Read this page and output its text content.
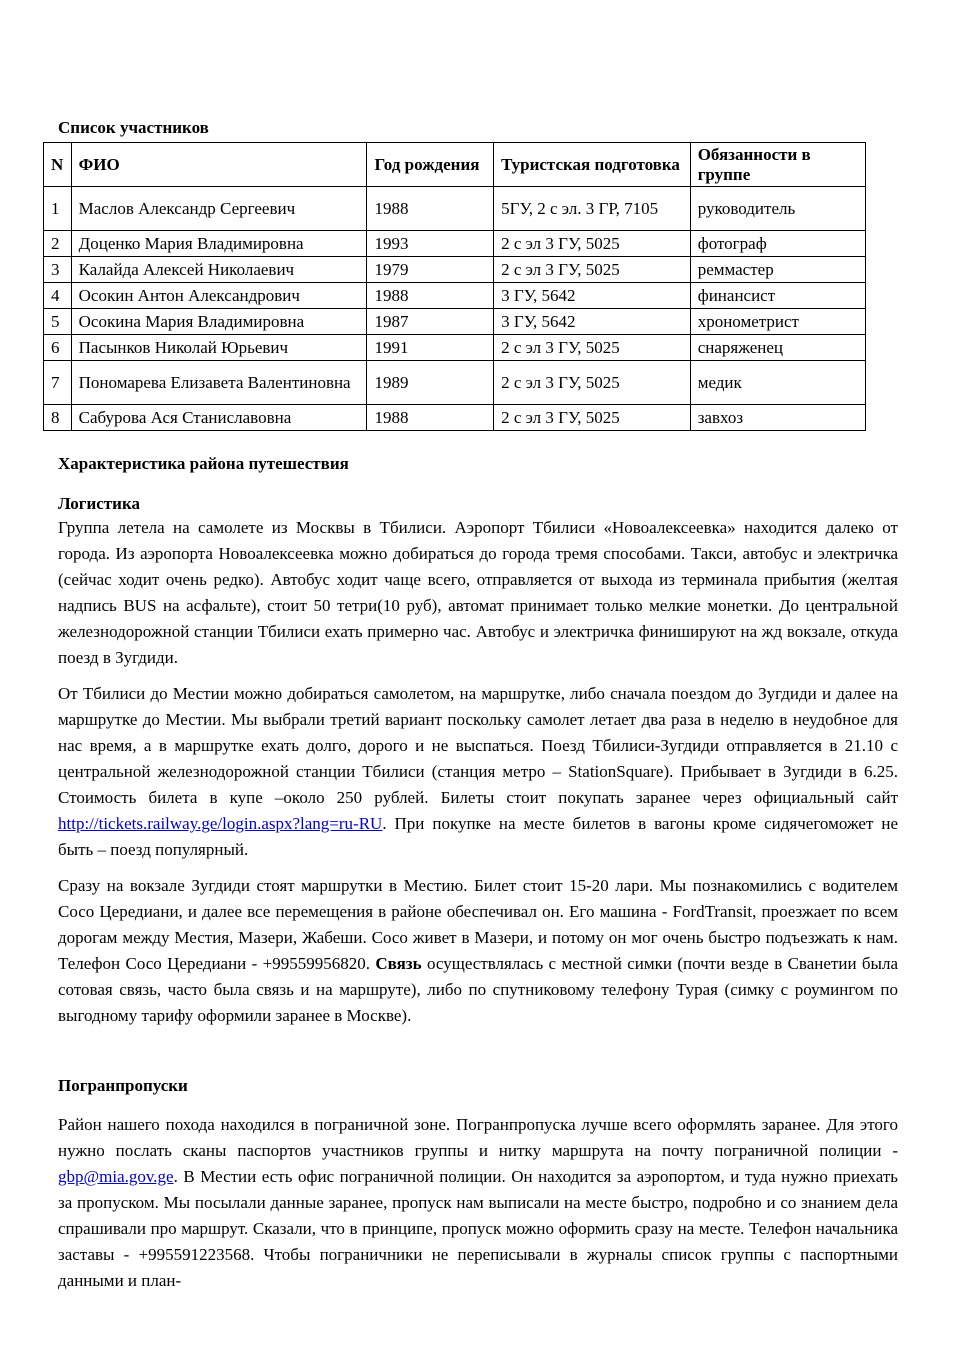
Список участников
N	ФИО	Год рождения	Туристская подготовка	Обязанности в группе
1	Маслов Александр Сергеевич	1988	5ГУ, 2 с эл. 3 ГР, 7105	руководитель
2	Доценко Мария Владимировна	1993	2 с эл 3 ГУ, 5025	фотограф
3	Калайда Алексей Николаевич	1979	2 с эл 3 ГУ, 5025	реммастер
4	Осокин Антон Александрович	1988	3 ГУ, 5642	финансист
5	Осокина Мария Владимировна	1987	3 ГУ, 5642	хронометрист
6	Пасынков Николай Юрьевич	1991	2 с эл 3 ГУ, 5025	снаряженец
7	Пономарева Елизавета Валентиновна	1989	2 с эл 3 ГУ, 5025	медик
8	Сабурова Ася Станиславовна	1988	2 с эл 3 ГУ, 5025	завхоз
Характеристика района путешествия
Логистика

Группа летела на самолете из Москвы в Тбилиси. Аэропорт Тбилиси «Новоалексеевка» находится далеко от города. Из аэропорта Новоалексеевка можно добираться до города тремя способами. Такси, автобус и электричка (сейчас ходит очень редко). Автобус ходит чаще всего, отправляется от выхода из терминала прибытия (желтая надпись BUS на асфальте), стоит 50 тетри(10 руб), автомат принимает только мелкие монетки. До центральной железнодорожной станции Тбилиси ехать примерно час. Автобус и электричка финишируют на жд вокзале, откуда поезд в Зугдиди.

От Тбилиси до Местии можно добираться самолетом, на маршрутке, либо сначала поездом до Зугдиди и далее на маршрутке до Местии. Мы выбрали третий вариант поскольку самолет летает два раза в неделю в неудобное для нас время, а в маршрутке ехать долго, дорого и не выспаться. Поезд Тбилиси-Зугдиди отправляется в 21.10 с центральной железнодорожной станции Тбилиси (станция метро – StationSquare). Прибывает в Зугдиди в 6.25. Стоимость билета в купе –около 250 рублей. Билеты стоит покупать заранее через официальный сайт http://tickets.railway.ge/login.aspx?lang=ru-RU. При покупке на месте билетов в вагоны кроме сидячегоможет не быть – поезд популярный.

Сразу на вокзале Зугдиди стоят маршрутки в Местию. Билет стоит 15-20 лари. Мы познакомились с водителем Сосо Цередиани, и далее все перемещения в районе обеспечивал он. Его машина - FordTransit, проезжает по всем дорогам между Местия, Мазери, Жабеши. Сосо живет в Мазери, и потому он мог очень быстро подъезжать к нам. Телефон Сосо Цередиани - +99559956820. Связь осуществлялась с местной симки (почти везде в Сванетии была сотовая связь, часто была связь и на маршруте), либо по спутниковому телефону Турая (симку с роумингом по выгодному тарифу оформили заранее в Москве).

Погранпропуски

Район нашего похода находился в пограничной зоне. Погранпропуска лучше всего оформлять заранее. Для этого нужно послать сканы паспортов участников группы и нитку маршрута на почту пограничной полиции - gbp@mia.gov.ge. В Местии есть офис пограничной полиции. Он находится за аэропортом, и туда нужно приехать за пропуском. Мы посылали данные заранее, пропуск нам выписали на месте быстро, подробно и со знанием дела спрашивали про маршрут. Сказали, что в принципе, пропуск можно оформить сразу на месте. Телефон начальника заставы - +995591223568. Чтобы пограничники не переписывали в журналы список группы с паспортными данными и план-
